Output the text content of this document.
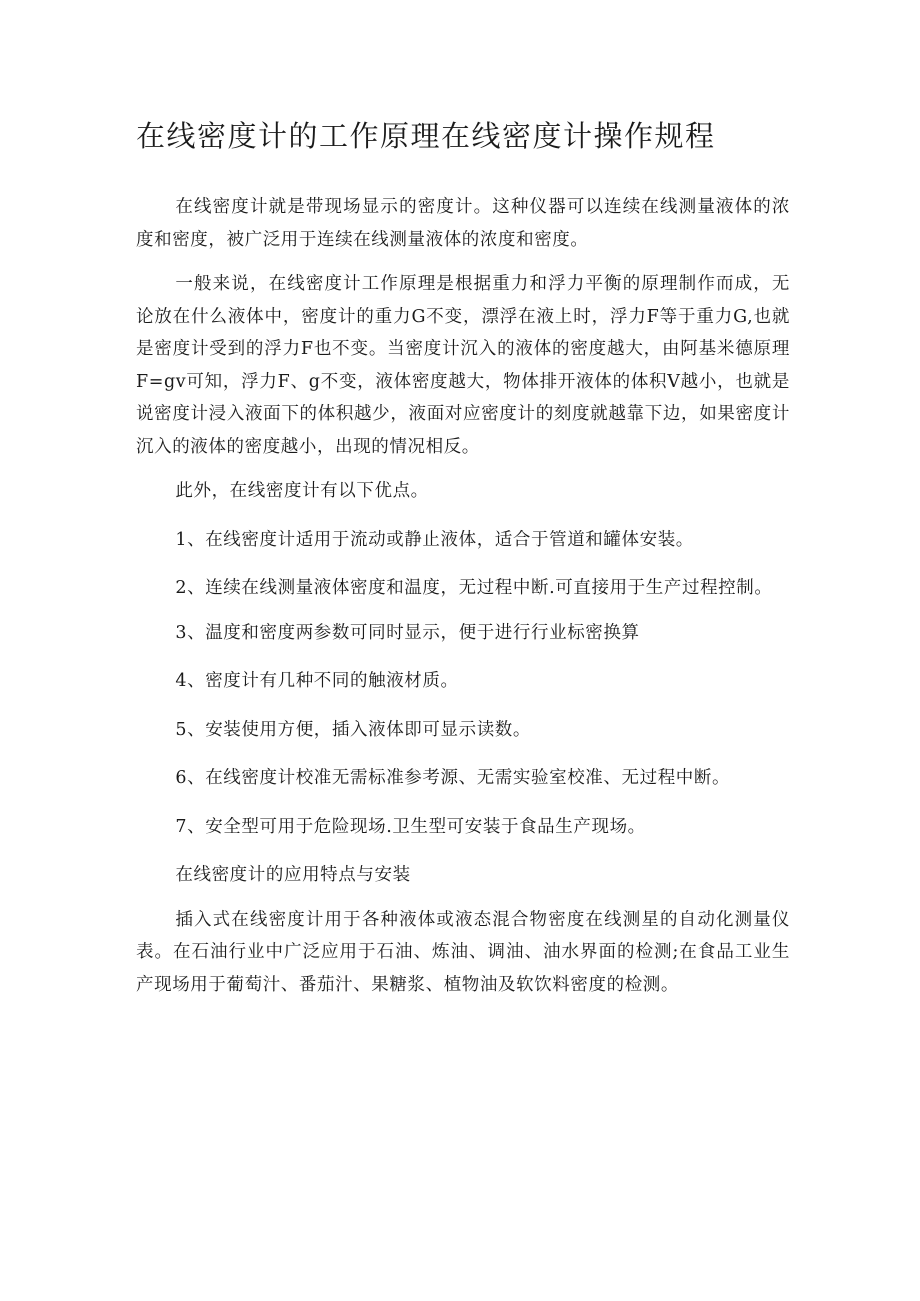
在线密度计的工作原理在线密度计操作规程

在线密度计就是带现场显示的密度计。这种仪器可以连续在线测量液体的浓度和密度，被广泛用于连续在线测量液体的浓度和密度。

一般来说，在线密度计工作原理是根据重力和浮力平衡的原理制作而成，无论放在什么液体中，密度计的重力G不变，漂浮在液上时，浮力F等于重力G,也就是密度计受到的浮力F也不变。当密度计沉入的液体的密度越大，由阿基米德原理F=gv可知，浮力F、g不变，液体密度越大，物体排开液体的体积V越小，也就是说密度计浸入液面下的体积越少，液面对应密度计的刻度就越靠下边，如果密度计沉入的液体的密度越小，出现的情况相反。

此外，在线密度计有以下优点。

1、在线密度计适用于流动或静止液体，适合于管道和罐体安装。

2、连续在线测量液体密度和温度，无过程中断.可直接用于生产过程控制。

3、温度和密度两参数可同时显示，便于进行行业标密换算

4、密度计有几种不同的触液材质。

5、安装使用方便，插入液体即可显示读数。

6、在线密度计校准无需标准参考源、无需实验室校准、无过程中断。

7、安全型可用于危险现场.卫生型可安装于食品生产现场。

在线密度计的应用特点与安装

插入式在线密度计用于各种液体或液态混合物密度在线测星的自动化测量仪表。在石油行业中广泛应用于石油、炼油、调油、油水界面的检测;在食品工业生产现场用于葡萄汁、番茄汁、果糖浆、植物油及软饮料密度的检测。
